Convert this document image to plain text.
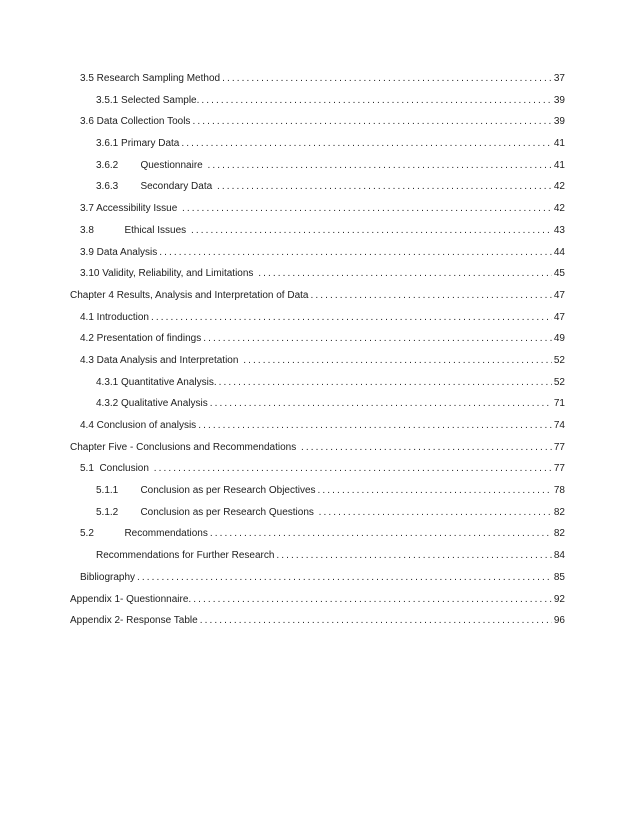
3.5 Research Sampling Method .....	37
3.5.1 Selected Sample. .....	39
3.6 Data Collection Tools .....	39
3.6.1 Primary Data .....	41
3.6.2	Questionnaire .....	41
3.6.3	Secondary Data .....	42
3.7 Accessibility Issue .....	42
3.8	Ethical Issues .....	43
3.9 Data Analysis .....	44
3.10 Validity, Reliability, and Limitations .....	45
Chapter 4 Results, Analysis and Interpretation of Data .....	47
4.1 Introduction .....	47
4.2 Presentation of findings .....	49
4.3 Data Analysis and Interpretation .....	52
4.3.1 Quantitative Analysis. .....	52
4.3.2 Qualitative Analysis .....	71
4.4 Conclusion of analysis .....	74
Chapter Five - Conclusions and Recommendations .....	77
5.1  Conclusion .....	77
5.1.1	Conclusion as per Research Objectives .....	78
5.1.2	Conclusion as per Research Questions .....	82
5.2	Recommendations .....	82
Recommendations for Further Research .....	84
Bibliography .....	85
Appendix 1- Questionnaire. .....	92
Appendix 2- Response Table .....	96
